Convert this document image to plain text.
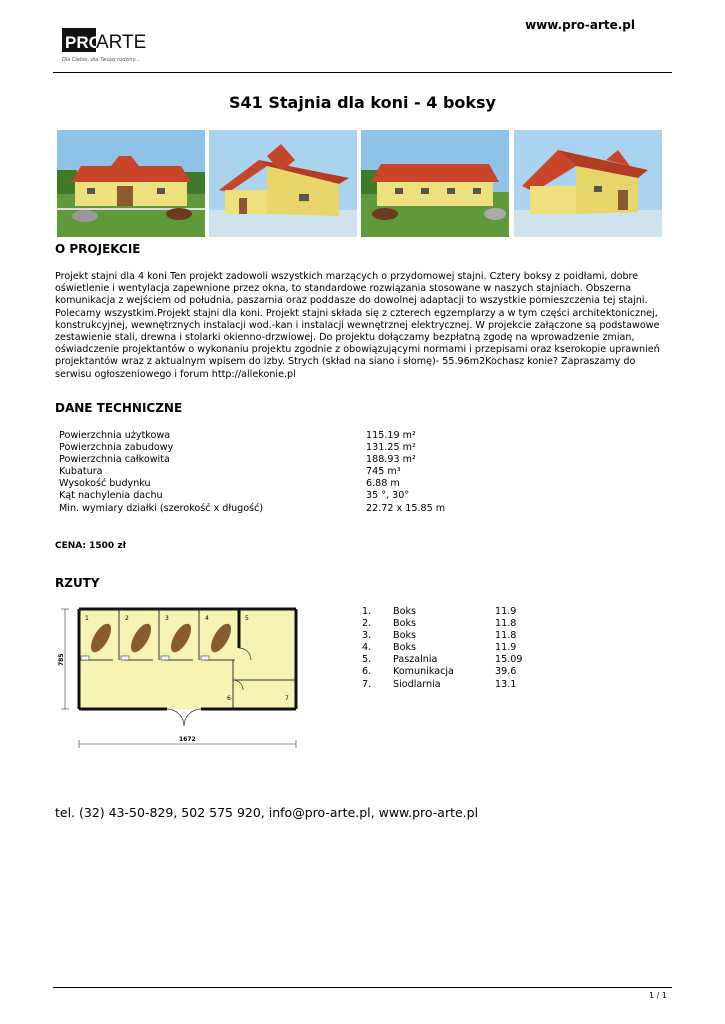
PRO
ARTE
Dla Ciebie, dla Twojej rodziny...
www.pro-arte.pl
S41 Stajnia dla koni - 4 boksy
O PROJEKCIE
Projekt stajni dla 4 koni Ten projekt zadowoli wszystkich marzących o przydomowej stajni. Cztery boksy z poidłami, dobre oświetlenie i wentylacja zapewnione przez okna, to standardowe rozwiązania stosowane w naszych stajniach. Obszerna komunikacja z wejściem od południa, paszarnia oraz poddasze do dowolnej adaptacji to wszystkie pomieszczenia tej stajni. Polecamy wszystkim.Projekt stajni dla koni. Projekt stajni składa się z czterech egzemplarzy a w tym części architektonicznej, konstrukcyjnej, wewnętrznych instalacji wod.-kan i instalacji wewnętrznej elektrycznej. W projekcie załączone są podstawowe zestawienie stali, drewna i stolarki okienno-drzwiowej. Do projektu dołączamy bezpłatną zgodę na wprowadzenie zmian, oświadczenie projektantów o wykonaniu projektu zgodnie z obowiązującymi normami i przepisami oraz kserokopie uprawnień projektantów wraz z aktualnym wpisem do izby. Strych (skład na siano i słomę)- 55.96m2Kochasz konie? Zapraszamy do serwisu ogłoszeniowego i forum http://allekonie.pl
DANE TECHNICZNE
Powierzchnia użytkowa	115.19 m²
Powierzchnia zabudowy	131.25 m²
Powierzchnia całkowita	188.93 m²
Kubatura	745 m³
Wysokość budynku	6.88 m
Kąt nachylenia dachu	35 °, 30°
Min. wymiary działki (szerokość x długość)	22.72 x 15.85 m
CENA: 1500 zł
RZUTY
1	2	3	4	5
6	7
785
1672
1. Boks	11.9
2. Boks	11.8
3. Boks	11.8
4. Boks	11.9
5. Paszalnia	15.09
6. Komunikacja	39.6
7. Siodlarnia	13.1
tel. (32) 43-50-829, 502 575 920, info@pro-arte.pl, www.pro-arte.pl
1 / 1
